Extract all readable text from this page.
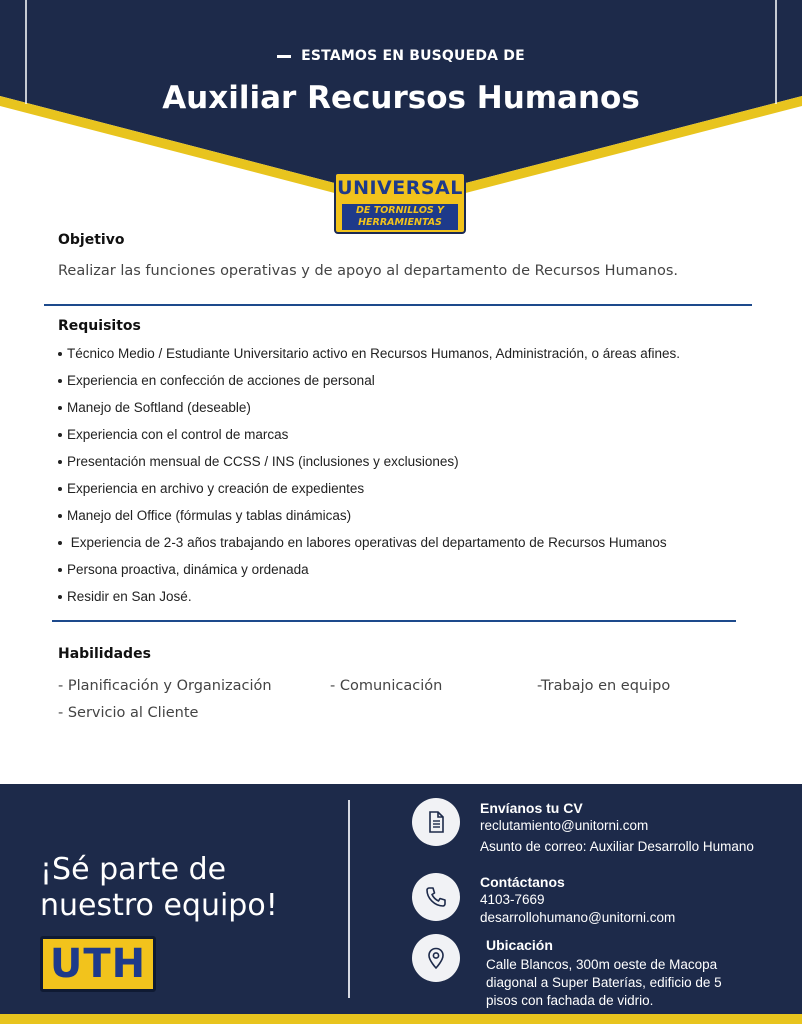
ESTAMOS EN BUSQUEDA DE
Auxiliar Recursos Humanos
UNIVERSAL
DE TORNILLOS Y
HERRAMIENTAS
Objetivo
Realizar las funciones operativas y de apoyo al departamento de Recursos Humanos.
Requisitos
Técnico Medio / Estudiante Universitario activo en Recursos Humanos, Administración, o áreas afines.
Experiencia en confección de acciones de personal
Manejo de Softland (deseable)
Experiencia con el control de marcas
Presentación mensual de CCSS / INS (inclusiones y exclusiones)
Experiencia en archivo y creación de expedientes
Manejo del Office (fórmulas y tablas dinámicas)
Experiencia de 2-3 años trabajando en labores operativas del departamento de Recursos Humanos
Persona proactiva, dinámica y ordenada
Residir en San José.
Habilidades
- Planificación y Organización	- Comunicación	-Trabajo en equipo
- Servicio al Cliente
¡Sé parte de
nuestro equipo!
UTH
Envíanos tu CV
reclutamiento@unitorni.com
Asunto de correo: Auxiliar Desarrollo Humano
Contáctanos
4103-7669
desarrollohumano@unitorni.com
Ubicación
Calle Blancos, 300m oeste de Macopa
diagonal a Super Baterías, edificio de 5
pisos con fachada de vidrio.
